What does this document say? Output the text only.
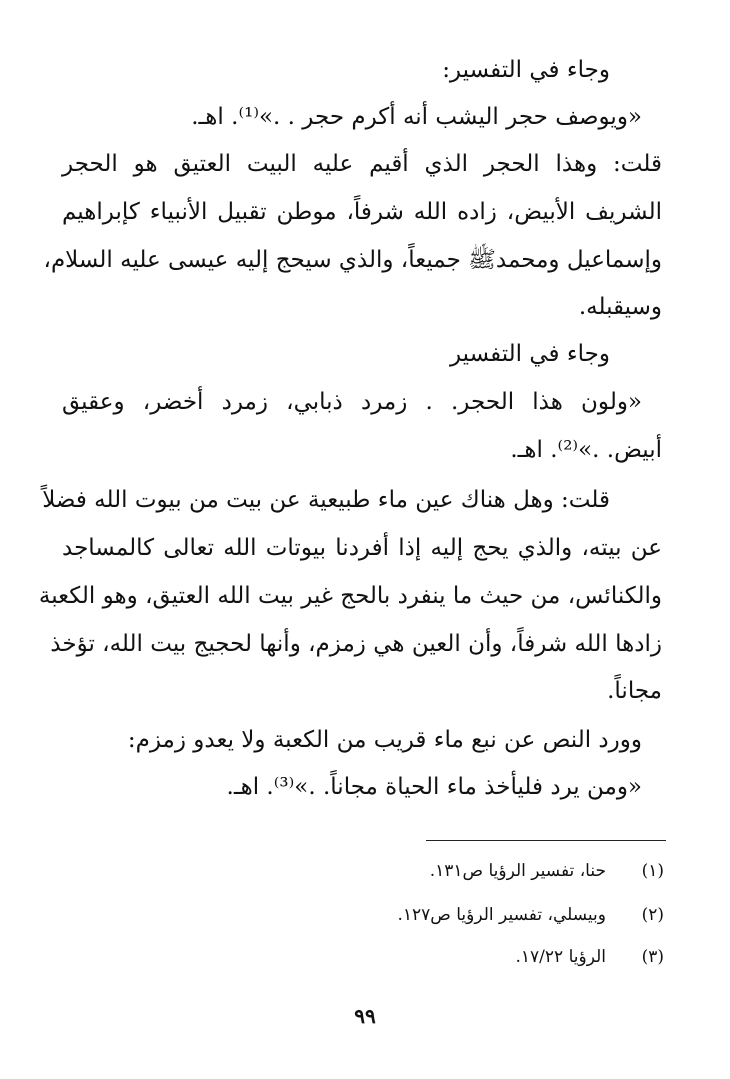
وجاء في التفسير:
«ويوصف حجر اليشب أنه أكرم حجر . .»⁽¹⁾. اهـ.
قلت: وهذا الحجر الذي أقيم عليه البيت العتيق هو الحجر
الشريف الأبيض، زاده الله شرفاً، موطن تقبيل الأنبياء كإبراهيم
وإسماعيل ومحمدﷺ جميعاً، والذي سيحج إليه عيسى عليه السلام،
وسيقبله.
وجاء في التفسير
«ولون هذا الحجر. . زمرد ذبابي، زمرد أخضر، وعقيق
أبيض. .»⁽²⁾. اهـ.
قلت: وهل هناك عين ماء طبيعية عن بيت من بيوت الله فضلاً
عن بيته، والذي يحج إليه إذا أفردنا بيوتات الله تعالى كالمساجد
والكنائس، من حيث ما ينفرد بالحج غير بيت الله العتيق، وهو الكعبة
زادها الله شرفاً، وأن العين هي زمزم، وأنها لحجيج بيت الله، تؤخذ
مجاناً.
وورد النص عن نبع ماء قريب من الكعبة ولا يعدو زمزم:
«ومن يرد فليأخذ ماء الحياة مجاناً. .»⁽³⁾. اهـ.
(١)حنا، تفسير الرؤيا ص١٣١.
(٢)وبيسلي، تفسير الرؤيا ص١٢٧.
(٣)الرؤيا ١٧/٢٢.
٩٩
